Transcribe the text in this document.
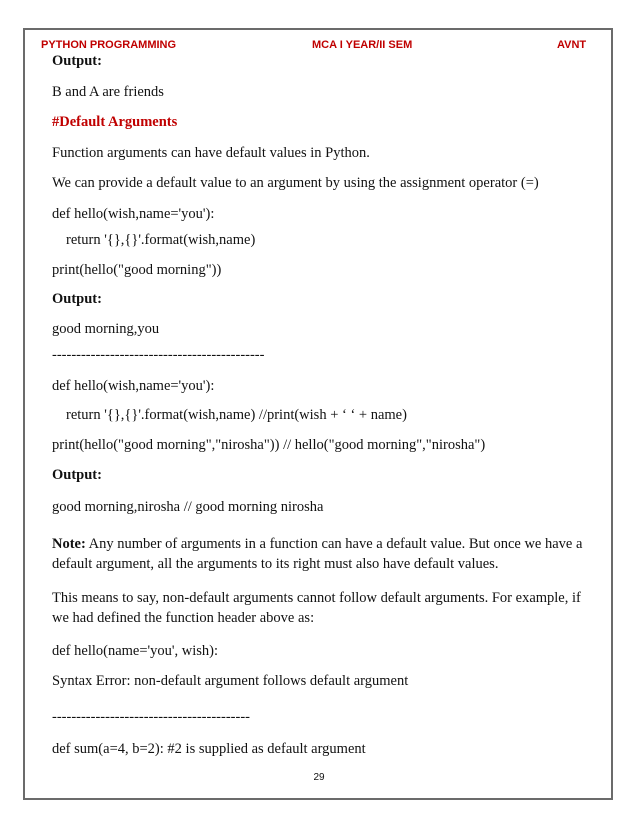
PYTHON PROGRAMMING	MCA I YEAR/II SEM	AVNT
Output:
B and A are friends
#Default Arguments
Function arguments can have default values in Python.
We can provide a default value to an argument by using the assignment operator (=)
def hello(wish,name='you'):
return '{},{}'.format(wish,name)
print(hello("good morning"))
Output:
good morning,you
--------------------------------------------
def hello(wish,name='you'):
return '{},{}'.format(wish,name) //print(wish + ‘ ‘ + name)
print(hello("good morning","nirosha")) // hello("good morning","nirosha")
Output:
good morning,nirosha // good morning nirosha
Note: Any number of arguments in a function can have a default value. But once we have a default argument, all the arguments to its right must also have default values.
This means to say, non-default arguments cannot follow default arguments. For example, if we had defined the function header above as:
def hello(name='you', wish):
Syntax Error: non-default argument follows default argument
-----------------------------------------
def sum(a=4, b=2): #2 is supplied as default argument
29
